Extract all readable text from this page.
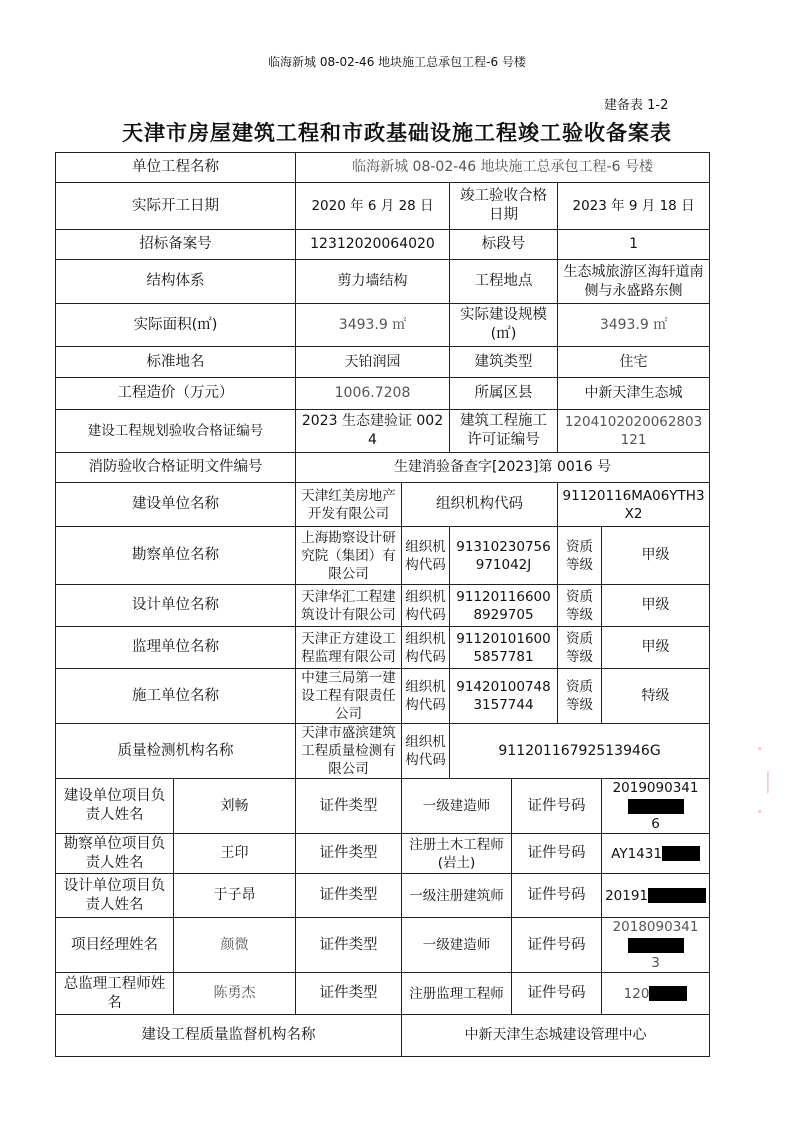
临海新城 08-02-46 地块施工总承包工程-6 号楼
建备表 1-2
天津市房屋建筑工程和市政基础设施工程竣工验收备案表
单位工程名称		临海新城 08-02-46 地块施工总承包工程-6 号楼					
实际开工日期		2020 年 6 月 28 日		竣工验收合格日期		2023 年 9 月 18 日	
招标备案号		12312020064020		标段号		1	
结构体系		剪力墙结构		工程地点		生态城旅游区海轩道南侧与永盛路东侧	
实际面积(㎡)		3493.9 ㎡		实际建设规模(㎡)		3493.9 ㎡	
标准地名		天铂润园		建筑类型		住宅	
工程造价（万元）		1006.7208		所属区县		中新天津生态城	
建设工程规划验收合格证编号		2023 生态建验证 0024		建筑工程施工许可证编号		120410202006280312​1	
消防验收合格证明文件编号		生建消验备查字[2023]第 0016 号					
建设单位名称		天津红美房地产开发有限公司	组织机构代码			91120116MA06YTH3X2	
勘察单位名称		上海勘察设计研究院（集团）有限公司	组织机构代码	91310230756971042J		资质等级	甲级
设计单位名称		天津华汇工程建筑设计有限公司	组织机构代码	911201166008929705		资质等级	甲级
监理单位名称		天津正方建设工程监理有限公司	组织机构代码	911201016005857781		资质等级	甲级
施工单位名称		中建三局第一建设工程有限责任公司	组织机构代码	914201007483157744		资质等级	特级
质量检测机构名称		天津市盛滨建筑工程质量检测有限公司	组织机构代码	91120116792513946G			
建设单位项目负责人姓名	刘畅	证件类型	一级建造师		证件号码		2019090341
6
勘察单位项目负责人姓名	王印	证件类型	注册土木工程师(岩土)		证件号码		AY1431
设计单位项目负责人姓名	于子昂	证件类型	一级注册建筑师		证件号码		20191
项目经理姓名	颜微	证件类型	一级建造师		证件号码		2018090341
3
总监理工程师姓名	陈勇杰	证件类型	注册监理工程师		证件号码		120
建设工程质量监督机构名称			中新天津生态城建设管理中心				
·
丨
·
